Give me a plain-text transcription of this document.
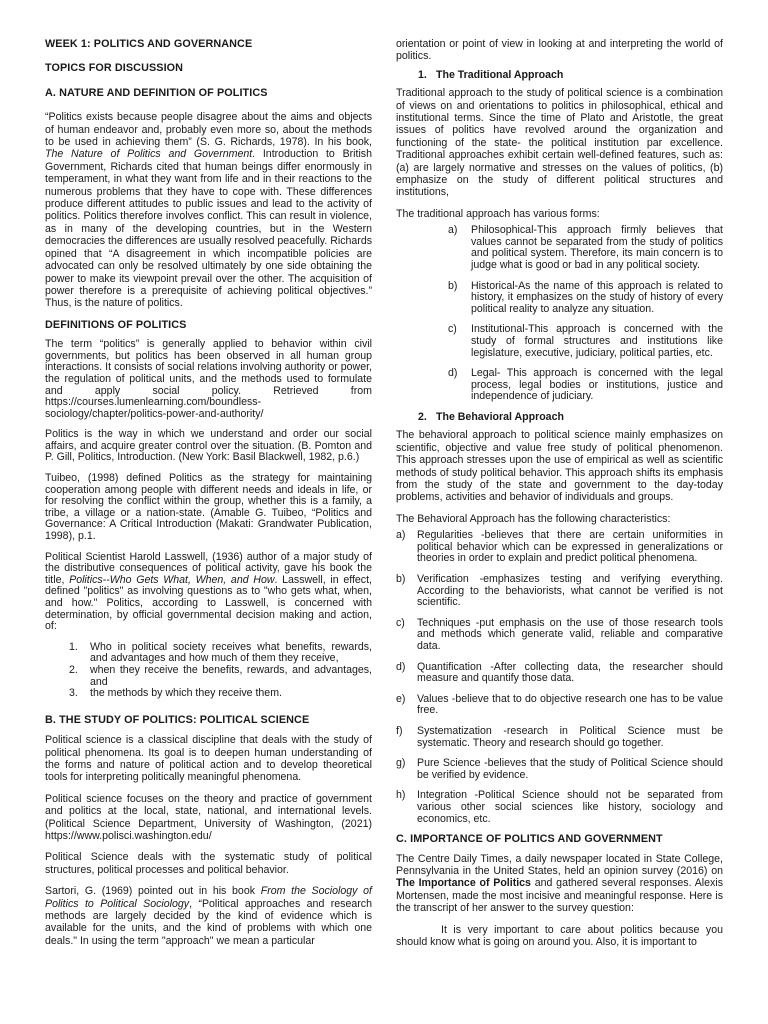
WEEK 1: POLITICS AND GOVERNANCE
TOPICS FOR DISCUSSION
A. NATURE AND DEFINITION OF POLITICS

“Politics exists because people disagree about the aims and objects of human endeavor and, probably even more so, about the methods to be used in achieving them” (S. G. Richards, 1978). In his book, The Nature of Politics and Government. Introduction to British Government, Richards cited that human beings differ enormously in temperament, in what they want from life and in their reactions to the numerous problems that they have to cope with. These differences produce different attitudes to public issues and lead to the activity of politics. Politics therefore involves conflict. This can result in violence, as in many of the developing countries, but in the Western democracies the differences are usually resolved peacefully. Richards opined that “A disagreement in which incompatible policies are advocated can only be resolved ultimately by one side obtaining the power to make its viewpoint prevail over the other. The acquisition of power therefore is a prerequisite of achieving political objectives.” Thus, is the nature of politics.

DEFINITIONS OF POLITICS

The term “politics” is generally applied to behavior within civil governments, but politics has been observed in all human group interactions. It consists of social relations involving authority or power, the regulation of political units, and the methods used to formulate and apply social policy. Retrieved from https://courses.lumenlearning.com/boundless-sociology/chapter/politics-power-and-authority/

Politics is the way in which we understand and order our social affairs, and acquire greater control over the situation. (B. Pomton and P. Gill, Politics, Introduction. (New York: Basil Blackwell, 1982, p.6.)

Tuibeo, (1998) defined Politics as the strategy for maintaining cooperation among people with different needs and ideals in life, or for resolving the conflict within the group, whether this is a family, a tribe, a village or a nation-state. (Amable G. Tuibeo, “Politics and Governance: A Critical Introduction (Makati: Grandwater Publication, 1998), p.1.

Political Scientist Harold Lasswell, (1936) author of a major study of the distributive consequences of political activity, gave his book the title, Politics--Who Gets What, When, and How. Lasswell, in effect, defined "politics" as involving questions as to "who gets what, when, and how." Politics, according to Lasswell, is concerned with determination, by official governmental decision making and action, of:

1. Who in political society receives what benefits, rewards, and advantages and how much of them they receive,
2. when they receive the benefits, rewards, and advantages, and
3. the methods by which they receive them.
B. THE STUDY OF POLITICS: POLITICAL SCIENCE

Political science is a classical discipline that deals with the study of political phenomena. Its goal is to deepen human understanding of the forms and nature of political action and to develop theoretical tools for interpreting politically meaningful phenomena.

Political science focuses on the theory and practice of government and politics at the local, state, national, and international levels. (Political Science Department, University of Washington, (2021) https://www.polisci.washington.edu/

Political Science deals with the systematic study of political structures, political processes and political behavior.

Sartori, G. (1969) pointed out in his book From the Sociology of Politics to Political Sociology, “Political approaches and research methods are largely decided by the kind of evidence which is available for the units, and the kind of problems with which one deals." In using the term "approach" we mean a particular

orientation or point of view in looking at and interpreting the world of politics.

1. The Traditional Approach

Traditional approach to the study of political science is a combination of views on and orientations to politics in philosophical, ethical and institutional terms. Since the time of Plato and Aristotle, the great issues of politics have revolved around the organization and functioning of the state- the political institution par excellence. Traditional approaches exhibit certain well-defined features, such as: (a) are largely normative and stresses on the values of politics, (b) emphasize on the study of different political structures and institutions,

The traditional approach has various forms:

a) Philosophical-This approach firmly believes that values cannot be separated from the study of politics and political system. Therefore, its main concern is to judge what is good or bad in any political society.
b) Historical-As the name of this approach is related to history, it emphasizes on the study of history of every political reality to analyze any situation.
c) Institutional-This approach is concerned with the study of formal structures and institutions like legislature, executive, judiciary, political parties, etc.
d) Legal- This approach is concerned with the legal process, legal bodies or institutions, justice and independence of judiciary.
2. The Behavioral Approach

The behavioral approach to political science mainly emphasizes on scientific, objective and value free study of political phenomenon. This approach stresses upon the use of empirical as well as scientific methods of study political behavior. This approach shifts its emphasis from the study of the state and government to the day-today problems, activities and behavior of individuals and groups.

The Behavioral Approach has the following characteristics:

a) Regularities -believes that there are certain uniformities in political behavior which can be expressed in generalizations or theories in order to explain and predict political phenomena.
b) Verification -emphasizes testing and verifying everything. According to the behaviorists, what cannot be verified is not scientific.
c) Techniques -put emphasis on the use of those research tools and methods which generate valid, reliable and comparative data.
d) Quantification -After collecting data, the researcher should measure and quantify those data.
e) Values -believe that to do objective research one has to be value free.
f) Systematization -research in Political Science must be systematic. Theory and research should go together.
g) Pure Science -believes that the study of Political Science should be verified by evidence.
h) Integration -Political Science should not be separated from various other social sciences like history, sociology and economics, etc.
C. IMPORTANCE OF POLITICS AND GOVERNMENT

The Centre Daily Times, a daily newspaper located in State College, Pennsylvania in the United States, held an opinion survey (2016) on The Importance of Politics and gathered several responses. Alexis Mortensen, made the most incisive and meaningful response. Here is the transcript of her answer to the survey question:

It is very important to care about politics because you should know what is going on around you. Also, it is important to
